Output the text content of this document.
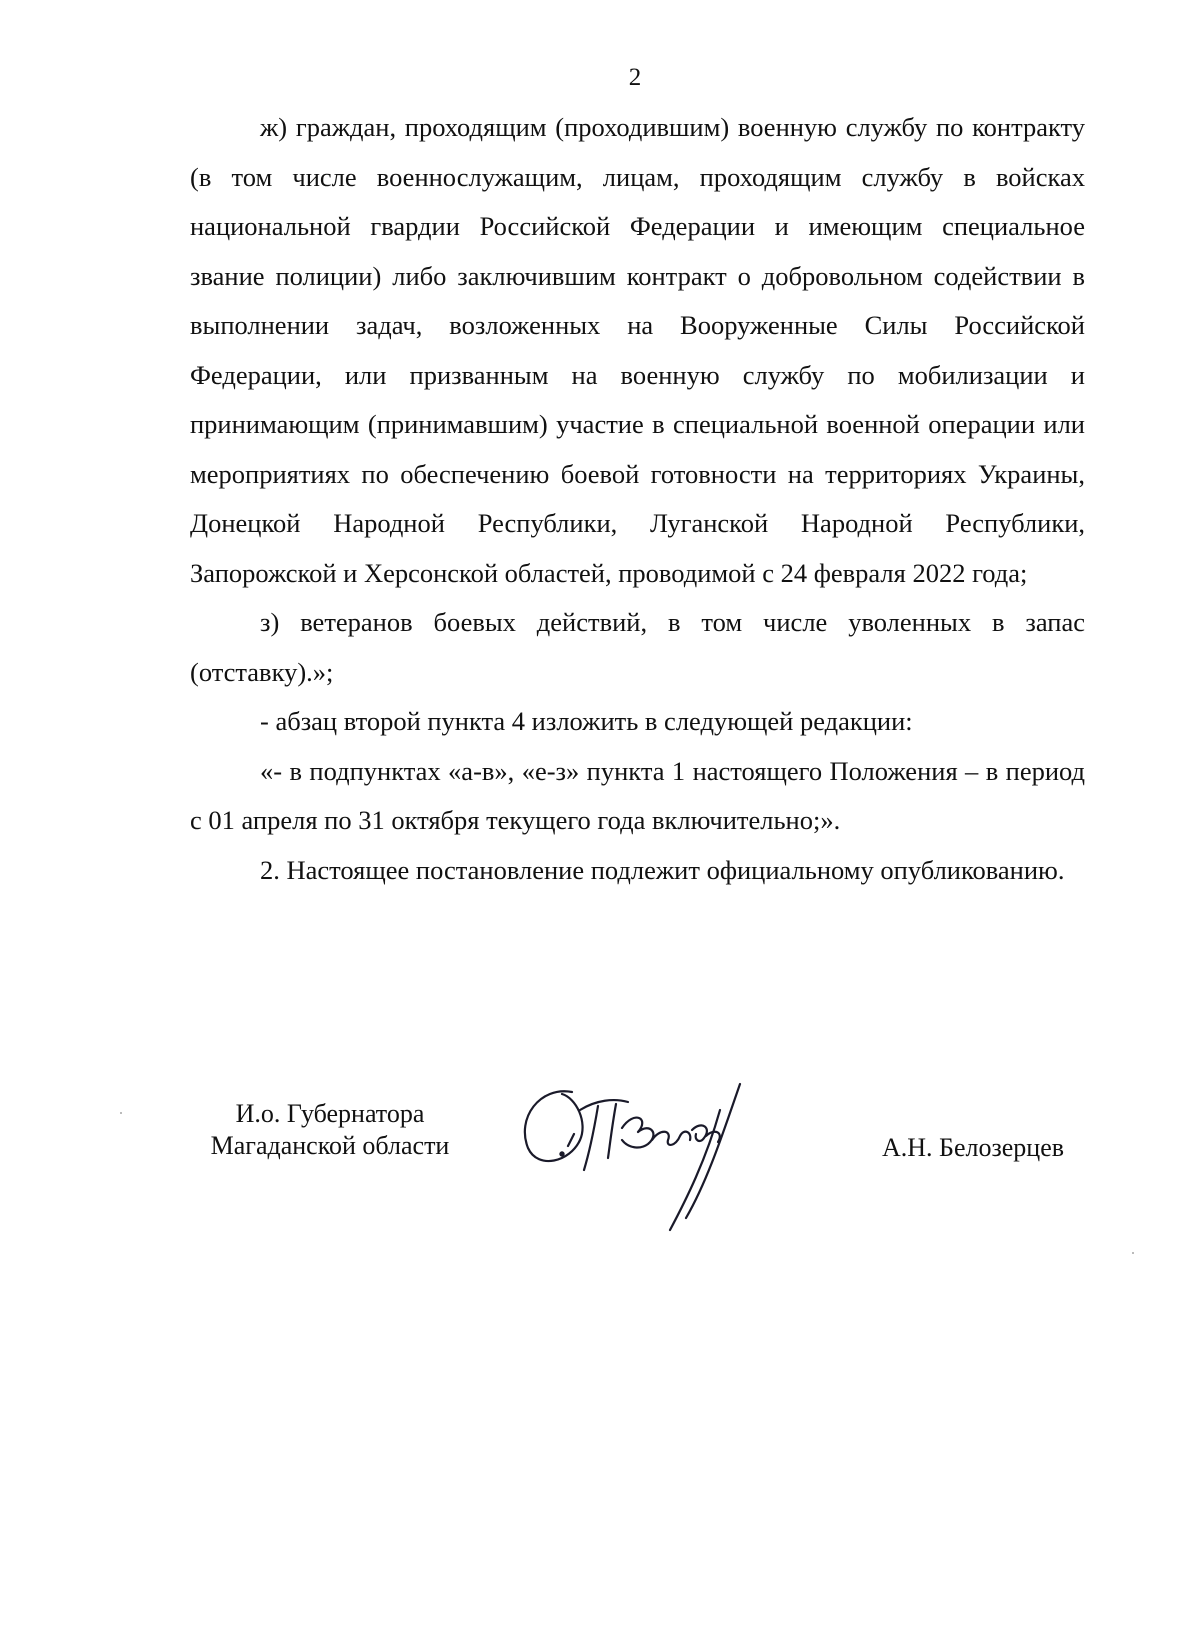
2

ж) граждан, проходящим (проходившим) военную службу по контракту (в том числе военнослужащим, лицам, проходящим службу в войсках национальной гвардии Российской Федерации и имеющим специальное звание полиции) либо заключившим контракт о добровольном содействии в выполнении задач, возложенных на Вооруженные Силы Российской Федерации, или призванным на военную службу по мобилизации и принимающим (принимавшим) участие в специальной военной операции или мероприятиях по обеспечению боевой готовности на территориях Украины, Донецкой Народной Республики, Луганской Народной Республики, Запорожской и Херсонской областей, проводимой с 24 февраля 2022 года;

з) ветеранов боевых действий, в том числе уволенных в запас (отставку).»;

- абзац второй пункта 4 изложить в следующей редакции:

«- в подпунктах «а-в», «е-з» пункта 1 настоящего Положения – в период с 01 апреля по 31 октября текущего года включительно;».

2. Настоящее постановление подлежит официальному опубликованию.

И.о. Губернатора
Магаданской области	А.Н. Белозерцев
